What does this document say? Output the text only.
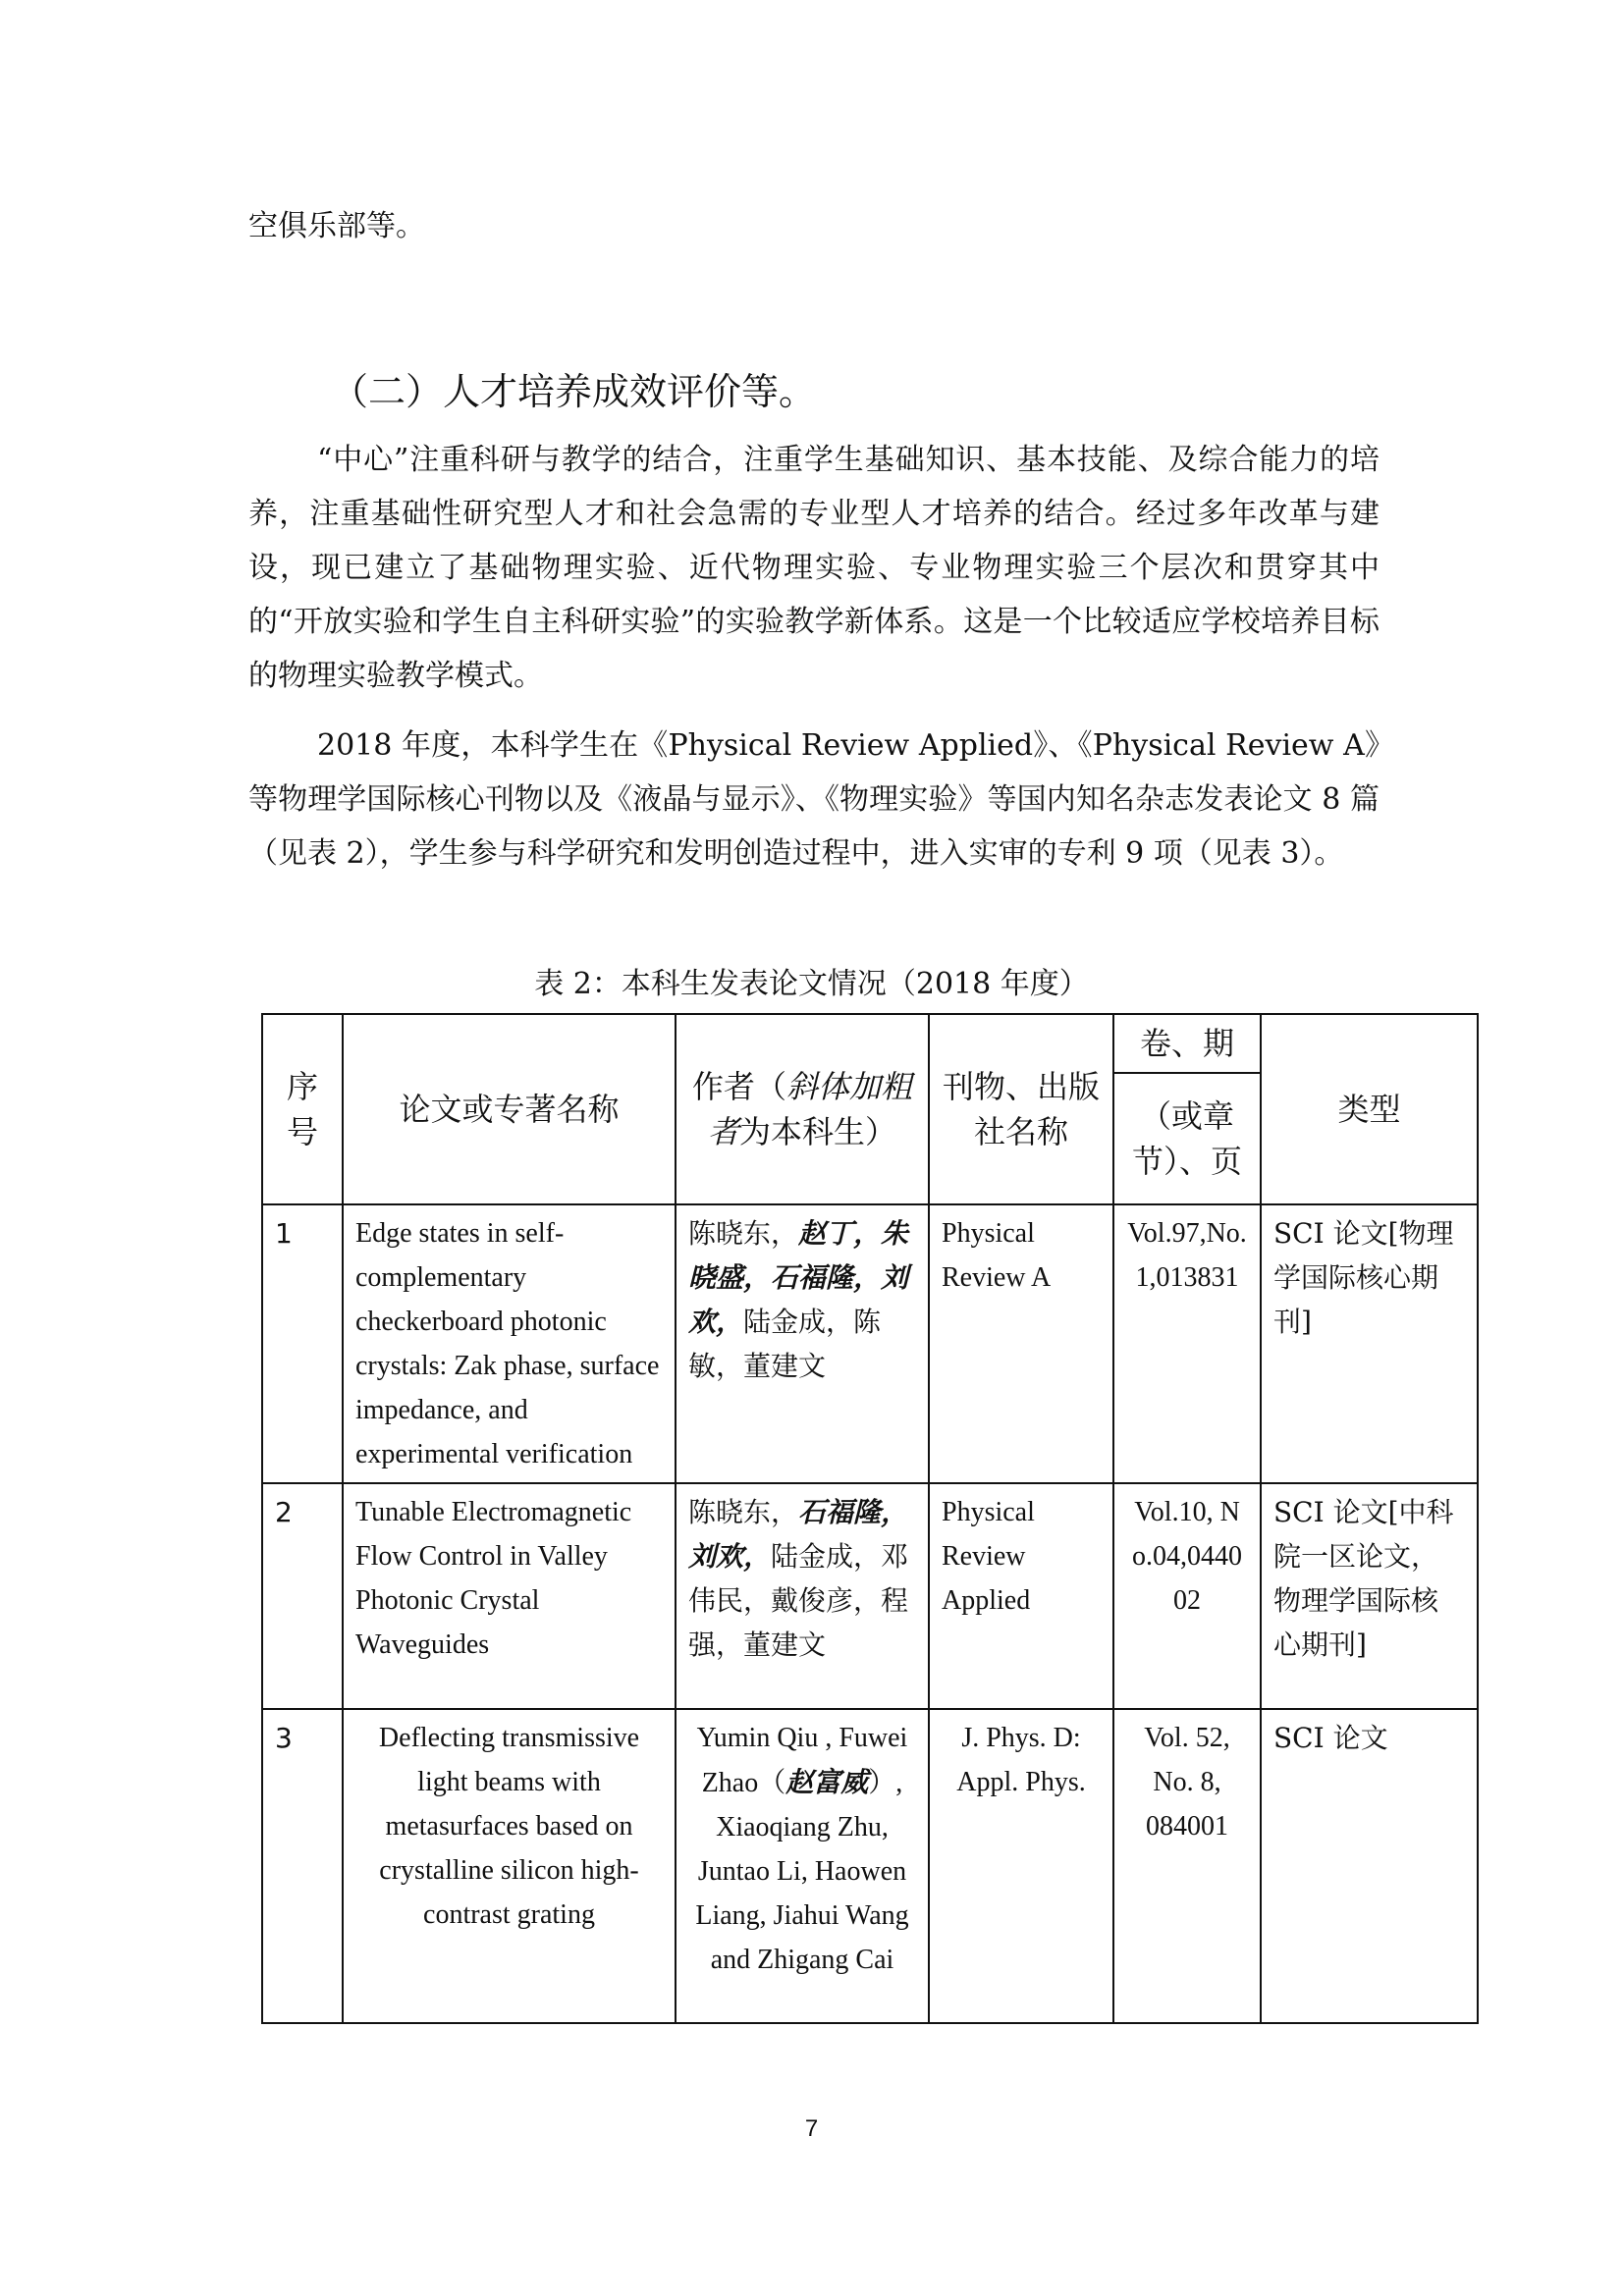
空俱乐部等。

（二）人才培养成效评价等。

“中心”注重科研与教学的结合，注重学生基础知识、基本技能、及综合能力的培养，注重基础性研究型人才和社会急需的专业型人才培养的结合。经过多年改革与建设，现已建立了基础物理实验、近代物理实验、专业物理实验三个层次和贯穿其中的“开放实验和学生自主科研实验”的实验教学新体系。这是一个比较适应学校培养目标的物理实验教学模式。

2018 年度，本科学生在《Physical Review Applied》、《Physical Review A》等物理学国际核心刊物以及《液晶与显示》、《物理实验》等国内知名杂志发表论文 8 篇（见表 2），学生参与科学研究和发明创造过程中，进入实审的专利 9 项（见表 3）。

表 2：本科生发表论文情况（2018 年度）

序号	论文或专著名称	作者（斜体加粗者为本科生）	刊物、出版社名称	卷、期	类型
				（或章节）、页	
1	Edge states in self-complementary checkerboard photonic crystals: Zak phase, surface impedance, and experimental verification	陈晓东，赵丁，朱晓盛，石福隆，刘欢，陆金成，陈敏，董建文	Physical Review A	Vol.97,No.1,013831	SCI 论文[物理学国际核心期刊]
2	Tunable Electromagnetic Flow Control in Valley Photonic Crystal Waveguides	陈晓东，石福隆，刘欢，陆金成，邓伟民，戴俊彦，程强，董建文	Physical Review Applied	Vol.10, No.04,044002	SCI 论文[中科院一区论文，物理学国际核心期刊]
3	Deflecting transmissive light beams with metasurfaces based on crystalline silicon high-contrast grating	Yumin Qiu , Fuwei Zhao（赵富威）, Xiaoqiang Zhu, Juntao Li, Haowen Liang, Jiahui Wang and Zhigang Cai	J. Phys. D: Appl. Phys.	Vol. 52, No. 8, 084001	SCI 论文
7
